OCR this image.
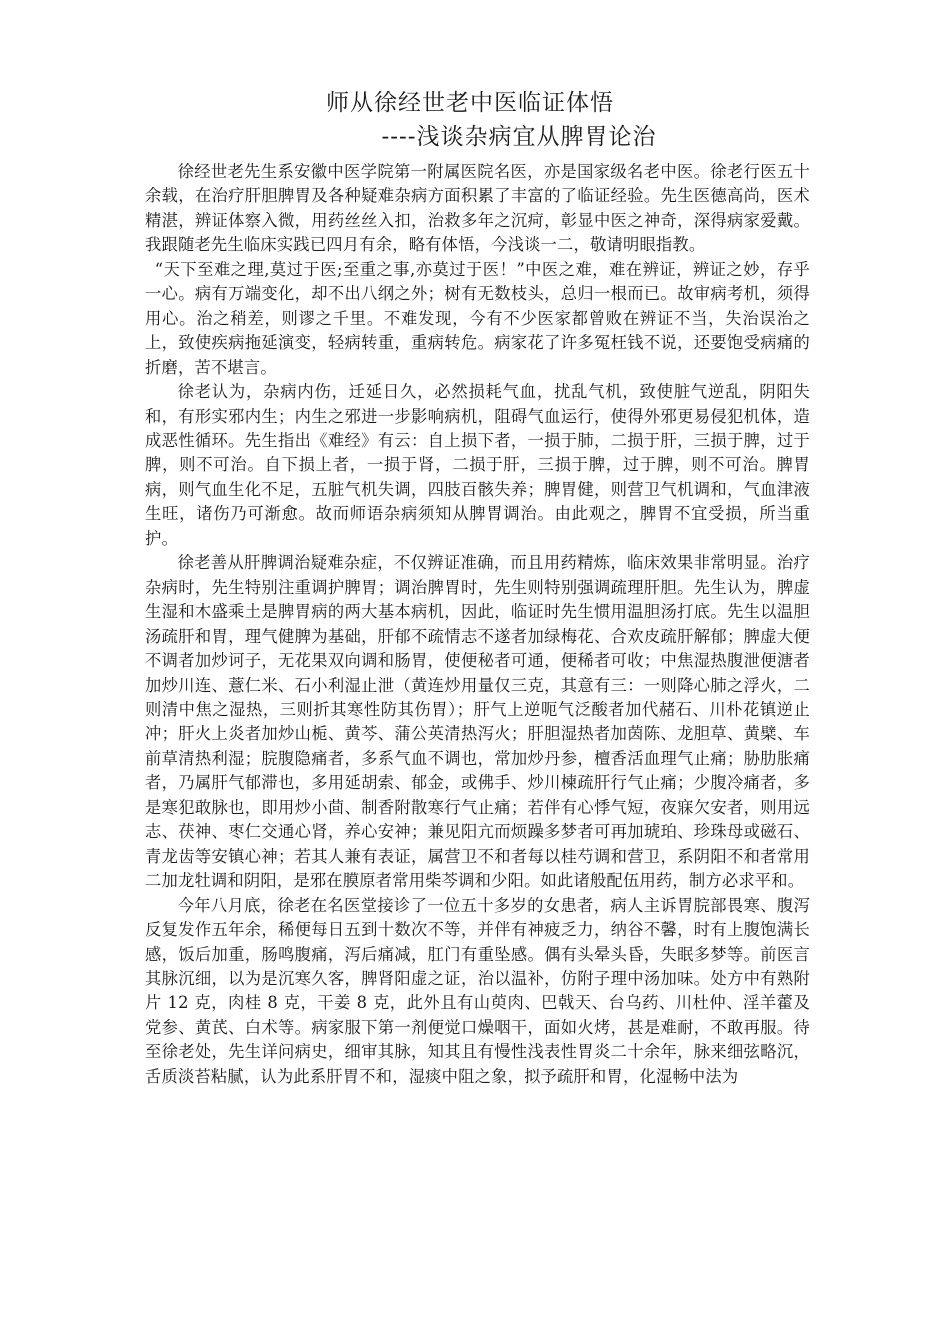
师从徐经世老中医临证体悟
----浅谈杂病宜从脾胃论治

徐经世老先生系安徽中医学院第一附属医院名医，亦是国家级名老中医。徐老行医五十余载，在治疗肝胆脾胃及各种疑难杂病方面积累了丰富的了临证经验。先生医德高尚，医术精湛，辨证体察入微，用药丝丝入扣，治救多年之沉疴，彰显中医之神奇，深得病家爱戴。我跟随老先生临床实践已四月有余，略有体悟，今浅谈一二，敬请明眼指教。

“天下至难之理,莫过于医;至重之事,亦莫过于医！”中医之难，难在辨证，辨证之妙，存乎一心。病有万端变化，却不出八纲之外；树有无数枝头，总归一根而已。故审病考机，须得用心。治之稍差，则谬之千里。不难发现，今有不少医家都曾败在辨证不当，失治误治之上，致使疾病拖延演变，轻病转重，重病转危。病家花了许多冤枉钱不说，还要饱受病痛的折磨，苦不堪言。

徐老认为，杂病内伤，迁延日久，必然损耗气血，扰乱气机，致使脏气逆乱，阴阳失和，有形实邪内生；内生之邪进一步影响病机，阻碍气血运行，使得外邪更易侵犯机体，造成恶性循环。先生指出《难经》有云：自上损下者，一损于肺，二损于肝，三损于脾，过于脾，则不可治。自下损上者，一损于肾，二损于肝，三损于脾，过于脾，则不可治。脾胃病，则气血生化不足，五脏气机失调，四肢百骸失养；脾胃健，则营卫气机调和，气血津液生旺，诸伤乃可渐愈。故而师语杂病须知从脾胃调治。由此观之，脾胃不宜受损，所当重护。

徐老善从肝脾调治疑难杂症，不仅辨证准确，而且用药精炼，临床效果非常明显。治疗杂病时，先生特别注重调护脾胃；调治脾胃时，先生则特别强调疏理肝胆。先生认为，脾虚生湿和木盛乘土是脾胃病的两大基本病机，因此，临证时先生惯用温胆汤打底。先生以温胆汤疏肝和胃，理气健脾为基础，肝郁不疏情志不遂者加绿梅花、合欢皮疏肝解郁；脾虚大便不调者加炒诃子，无花果双向调和肠胃，使便秘者可通，便稀者可收；中焦湿热腹泄便溏者加炒川连、薏仁米、石小利湿止泄（黄连炒用量仅三克，其意有三：一则降心肺之浮火，二则清中焦之湿热，三则折其寒性防其伤胃）；肝气上逆呃气泛酸者加代赭石、川朴花镇逆止冲；肝火上炎者加炒山栀、黄芩、蒲公英清热泻火；肝胆湿热者加茵陈、龙胆草、黄檗、车前草清热利湿；脘腹隐痛者，多系气血不调也，常加炒丹参，檀香活血理气止痛；胁肋胀痛者，乃属肝气郁滞也，多用延胡索、郁金，或佛手、炒川楝疏肝行气止痛；少腹冷痛者，多是寒犯敢脉也，即用炒小茴、制香附散寒行气止痛；若伴有心悸气短，夜寐欠安者，则用远志、茯神、枣仁交通心肾，养心安神；兼见阳亢而烦躁多梦者可再加琥珀、珍珠母或磁石、青龙齿等安镇心神；若其人兼有表证，属营卫不和者每以桂芍调和营卫，系阴阳不和者常用二加龙牡调和阴阳，是邪在膜原者常用柴芩调和少阳。如此诸般配伍用药，制方必求平和。

今年八月底，徐老在名医堂接诊了一位五十多岁的女患者，病人主诉胃脘部畏寒、腹泻反复发作五年余，稀便每日五到十数次不等，并伴有神疲乏力，纳谷不馨，时有上腹饱满长感，饭后加重，肠鸣腹痛，泻后痛减，肛门有重坠感。偶有头晕头昏，失眠多梦等。前医言其脉沉细，以为是沉寒久客，脾肾阳虚之证，治以温补，仿附子理中汤加味。处方中有熟附片 12 克，肉桂 8 克，干姜 8 克，此外且有山萸肉、巴戟天、台乌药、川杜仲、淫羊藿及党参、黄芪、白术等。病家服下第一剂便觉口燥咽干，面如火烤，甚是难耐，不敢再服。待至徐老处，先生详问病史，细审其脉，知其且有慢性浅表性胃炎二十余年，脉来细弦略沉，舌质淡苔粘腻，认为此系肝胃不和，湿痰中阻之象，拟予疏肝和胃，化湿畅中法为
